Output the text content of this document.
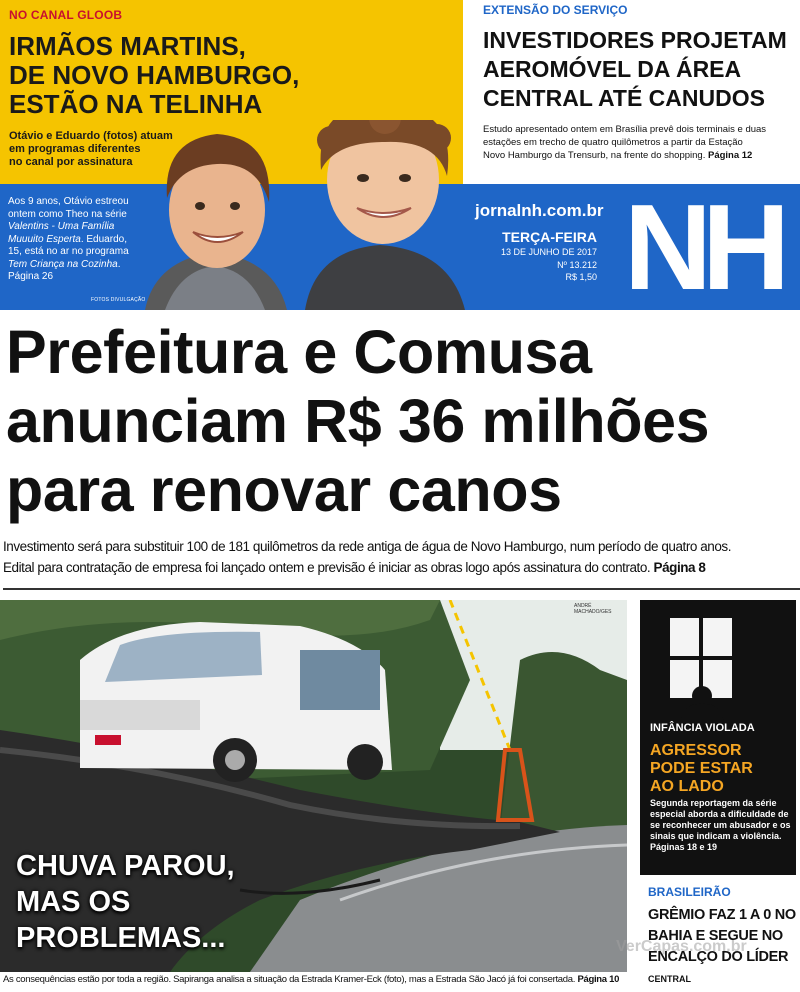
NO CANAL GLOOB
IRMÃOS MARTINS,
DE NOVO HAMBURGO,
ESTÃO NA TELINHA
Otávio e Eduardo (fotos) atuam
em programas diferentes
no canal por assinatura
EXTENSÃO DO SERVIÇO
INVESTIDORES PROJETAM
AEROMÓVEL DA ÁREA
CENTRAL ATÉ CANUDOS
Estudo apresentado ontem em Brasília prevê dois terminais e duas
estações em trecho de quatro quilômetros a partir da Estação
Novo Hamburgo da Trensurb, na frente do shopping. Página 12
Aos 9 anos, Otávio estreou
ontem como Theo na série
Valentins - Uma Família
Muuuito Esperta. Eduardo,
15, está no ar no programa
Tem Criança na Cozinha.
Página 26
FOTOS DIVULGAÇÃO
jornalnh.com.br
TERÇA-FEIRA
13 DE JUNHO DE 2017
Nº 13.212
R$ 1,50 NH
Prefeitura e Comusa
anunciam R$ 36 milhões
para renovar canos
Investimento será para substituir 100 de 181 quilômetros da rede antiga de água de Novo Hamburgo, num período de quatro anos.
Edital para contratação de empresa foi lançado ontem e previsão é iniciar as obras logo após assinatura do contrato. Página 8
ANDRÉ MACHADO/GES
CHUVA PAROU,
MAS OS
PROBLEMAS...	VerCapas.com.br
As consequências estão por toda a região. Sapiranga analisa a situação da Estrada Kramer-Eck (foto), mas a Estrada São Jacó já foi consertada. Página 10
INFÂNCIA VIOLADA
AGRESSOR
PODE ESTAR
AO LADO
Segunda reportagem da série
especial aborda a dificuldade de
se reconhecer um abusador e os
sinais que indicam a violência.
Páginas 18 e 19
BRASILEIRÃO
GRÊMIO FAZ 1 A 0 NO
BAHIA E SEGUE NO
ENCALÇO DO LÍDER
CENTRAL
